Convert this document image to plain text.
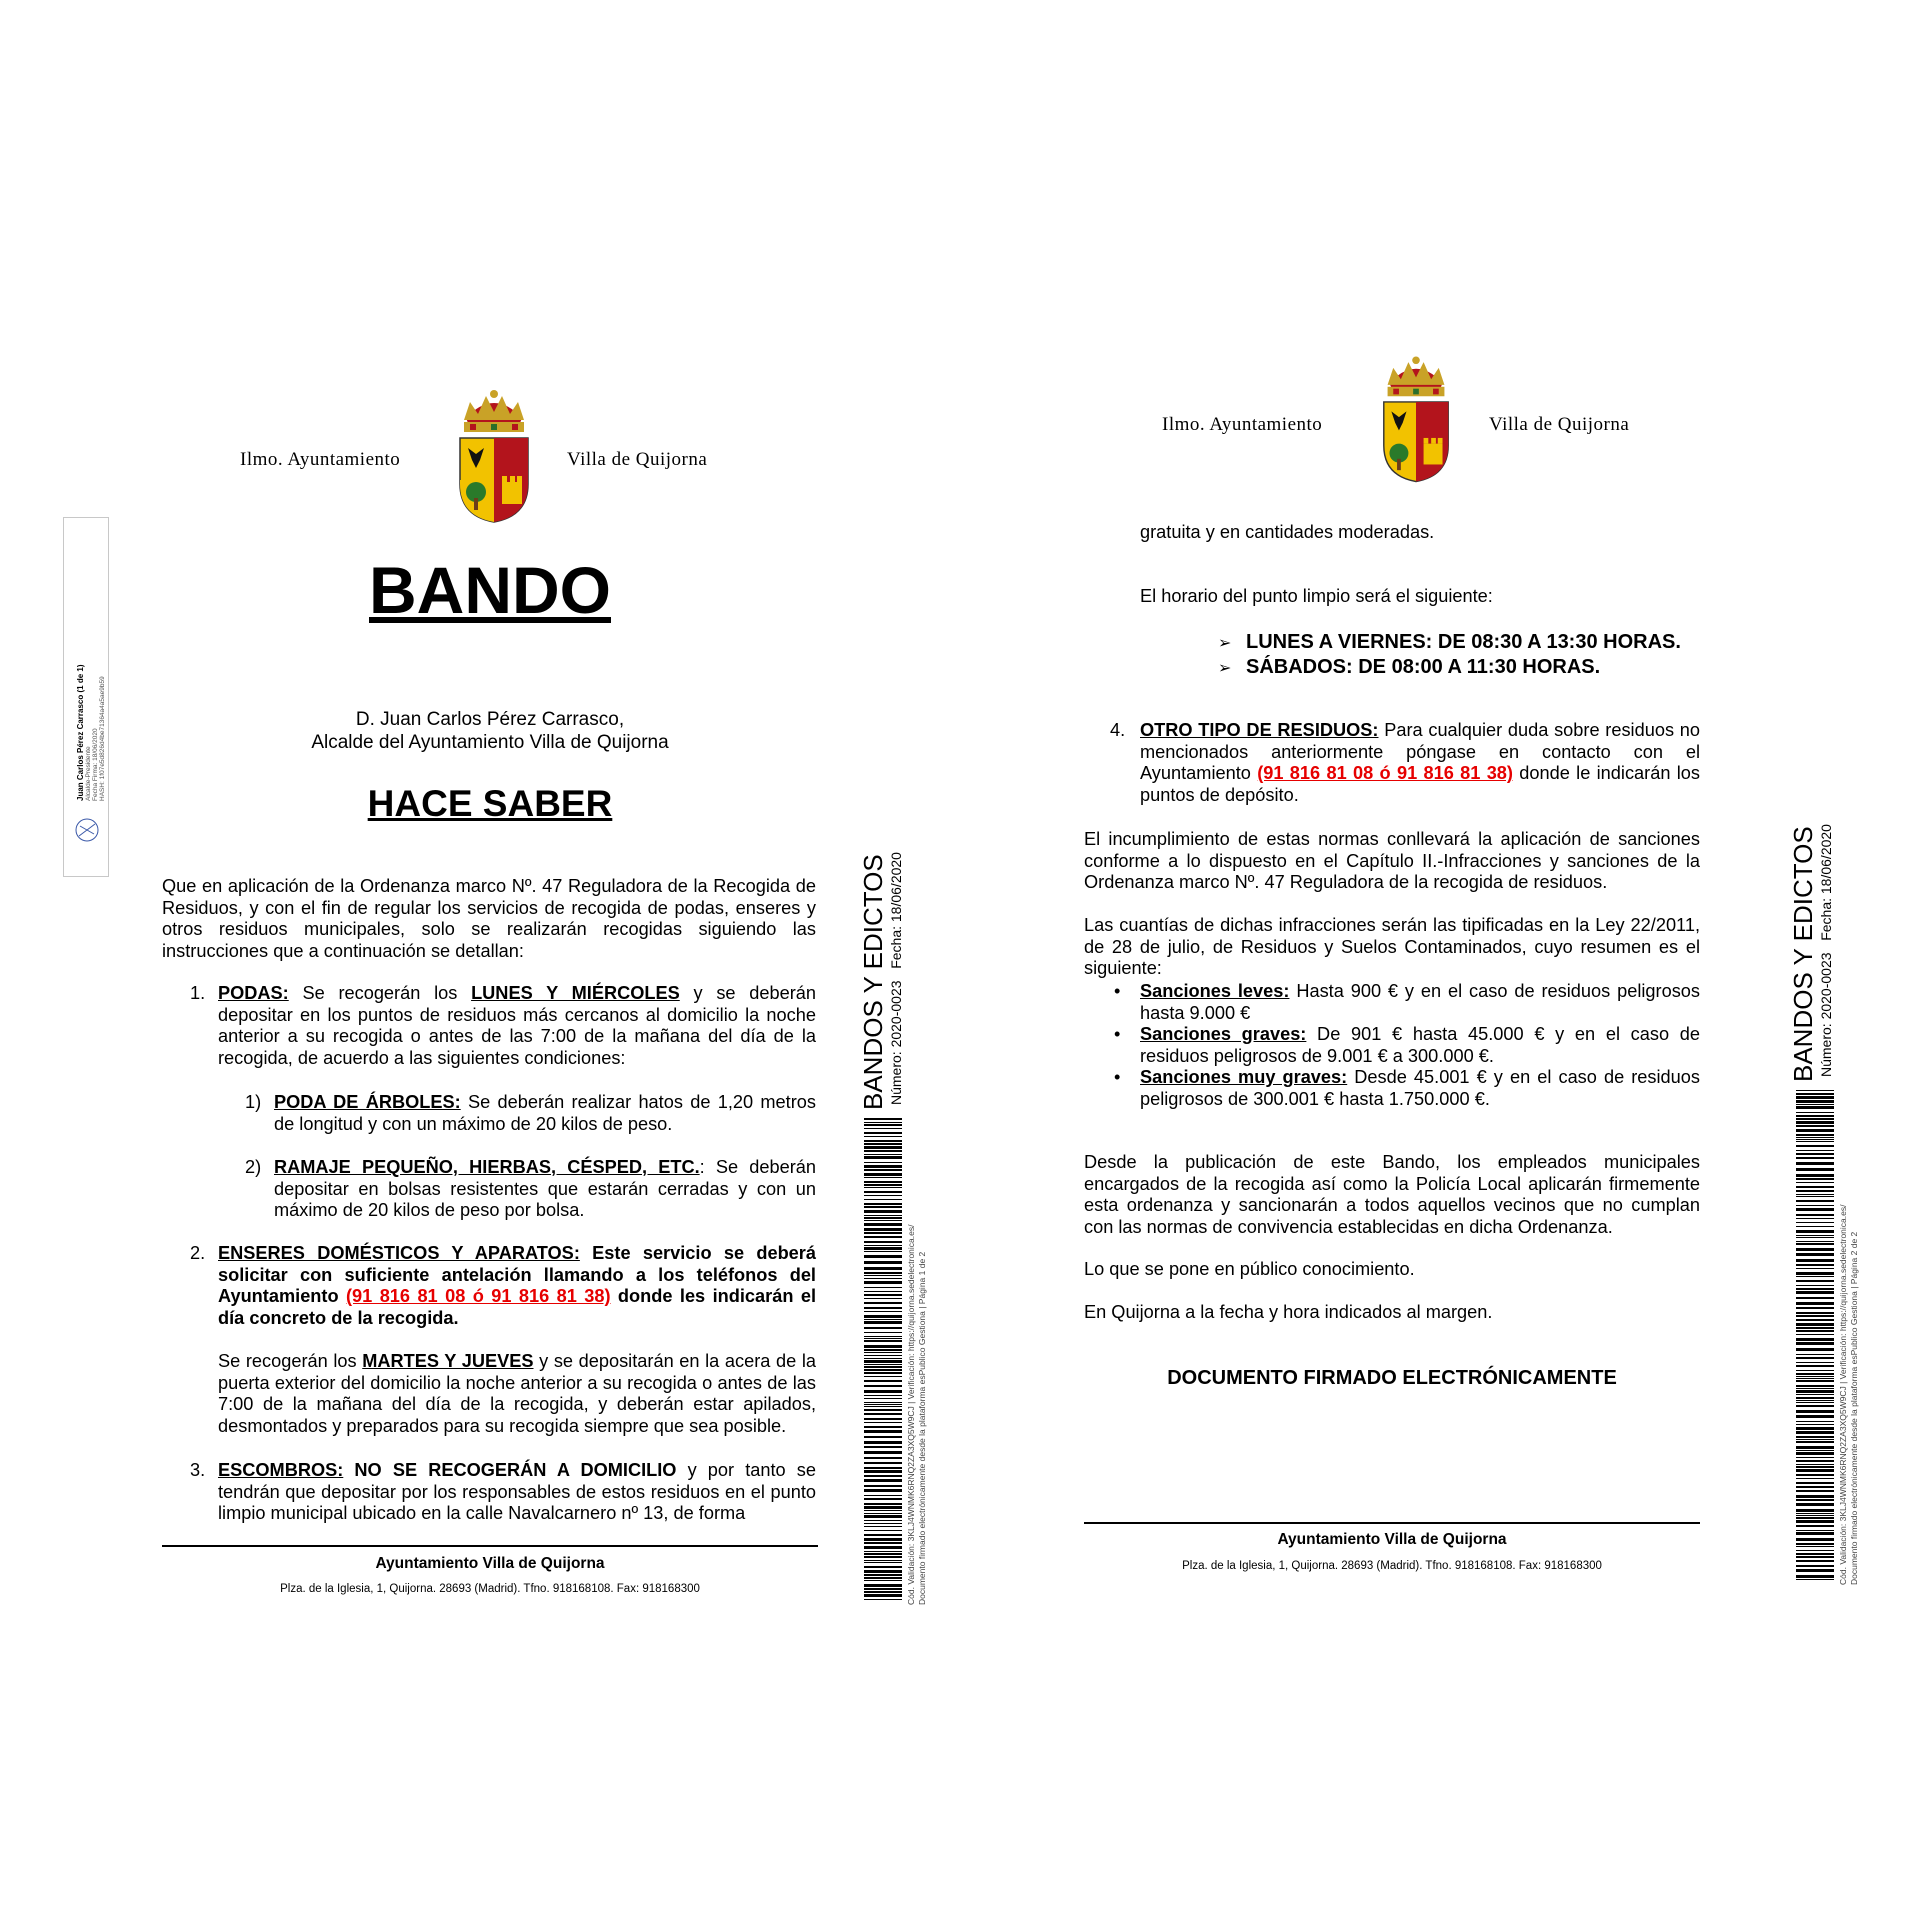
Ilmo. Ayuntamiento	Villa de Quijorna
Juan Carlos Pérez Carrasco (1 de 1) Alcalde-Presidente Fecha Firma: 18/06/2020 HASH: 1f07e5d826d4be71364a4a5ae9b59
BANDO
D. Juan Carlos Pérez Carrasco,
Alcalde del Ayuntamiento Villa de Quijorna
HACE SABER
Que en aplicación de la Ordenanza marco Nº. 47 Reguladora de la Recogida de Residuos, y con el fin de regular los servicios de recogida de podas, enseres y otros residuos municipales, solo se realizarán recogidas siguiendo las instrucciones que a continuación se detallan:
1. PODAS: Se recogerán los LUNES Y MIÉRCOLES y se deberán depositar en los puntos de residuos más cercanos al domicilio la noche anterior a su recogida o antes de las 7:00 de la mañana del día de la recogida, de acuerdo a las siguientes condiciones:
1) PODA DE ÁRBOLES: Se deberán realizar hatos de 1,20 metros de longitud y con un máximo de 20 kilos de peso.
2) RAMAJE PEQUEÑO, HIERBAS, CÉSPED, ETC.: Se deberán depositar en bolsas resistentes que estarán cerradas y con un máximo de 20 kilos de peso por bolsa.
2. ENSERES DOMÉSTICOS Y APARATOS: Este servicio se deberá solicitar con suficiente antelación llamando a los teléfonos del Ayuntamiento (91 816 81 08 ó 91 816 81 38) donde les indicarán el día concreto de la recogida.
Se recogerán los MARTES Y JUEVES y se depositarán en la acera de la puerta exterior del domicilio la noche anterior a su recogida o antes de las 7:00 de la mañana del día de la recogida, y deberán estar apilados, desmontados y preparados para su recogida siempre que sea posible.
3. ESCOMBROS: NO SE RECOGERÁN A DOMICILIO y por tanto se tendrán que depositar por los responsables de estos residuos en el punto limpio municipal ubicado en la calle Navalcarnero nº 13, de forma
Ayuntamiento Villa de Quijorna
Plza. de la Iglesia, 1, Quijorna. 28693 (Madrid). Tfno. 918168108. Fax: 918168300
BANDOS Y EDICTOS Número: 2020-0023   Fecha: 18/06/2020
Cód. Validación: 3KLJ4WNMK6RNQ2ZA3XQ5W9CJ | Verificación: https://quijorna.sedelectronica.es/ Documento firmado electrónicamente desde la plataforma esPublico Gestiona | Página 1 de 2
Ilmo. Ayuntamiento	Villa de Quijorna
gratuita y en cantidades moderadas.
El horario del punto limpio será el siguiente:
➢ LUNES A VIERNES: DE 08:30 A 13:30 HORAS.
➢ SÁBADOS: DE 08:00 A 11:30 HORAS.
4. OTRO TIPO DE RESIDUOS: Para cualquier duda sobre residuos no mencionados anteriormente póngase en contacto con el Ayuntamiento (91 816 81 08 ó 91 816 81 38) donde le indicarán los puntos de depósito.
El incumplimiento de estas normas conllevará la aplicación de sanciones conforme a lo dispuesto en el Capítulo II.-Infracciones y sanciones de la Ordenanza marco Nº. 47 Reguladora de la recogida de residuos.
Las cuantías de dichas infracciones serán las tipificadas en la Ley 22/2011, de 28 de julio, de Residuos y Suelos Contaminados, cuyo resumen es el siguiente:
• Sanciones leves: Hasta 900 € y en el caso de residuos peligrosos hasta 9.000 €
• Sanciones graves: De 901 € hasta 45.000 € y en el caso de residuos peligrosos de 9.001 € a 300.000 €.
• Sanciones muy graves: Desde 45.001 € y en el caso de residuos peligrosos de 300.001 € hasta 1.750.000 €.
Desde la publicación de este Bando, los empleados municipales encargados de la recogida así como la Policía Local aplicarán firmemente esta ordenanza y sancionarán a todos aquellos vecinos que no cumplan con las normas de convivencia establecidas en dicha Ordenanza.
Lo que se pone en público conocimiento.
En Quijorna a la fecha y hora indicados al margen.
DOCUMENTO FIRMADO ELECTRÓNICAMENTE
Ayuntamiento Villa de Quijorna
Plza. de la Iglesia, 1, Quijorna. 28693 (Madrid). Tfno. 918168108. Fax: 918168300
BANDOS Y EDICTOS Número: 2020-0023   Fecha: 18/06/2020
Cód. Validación: 3KLJ4WNMK6RNQ2ZA3XQ5W9CJ | Verificación: https://quijorna.sedelectronica.es/ Documento firmado electrónicamente desde la plataforma esPublico Gestiona | Página 2 de 2
